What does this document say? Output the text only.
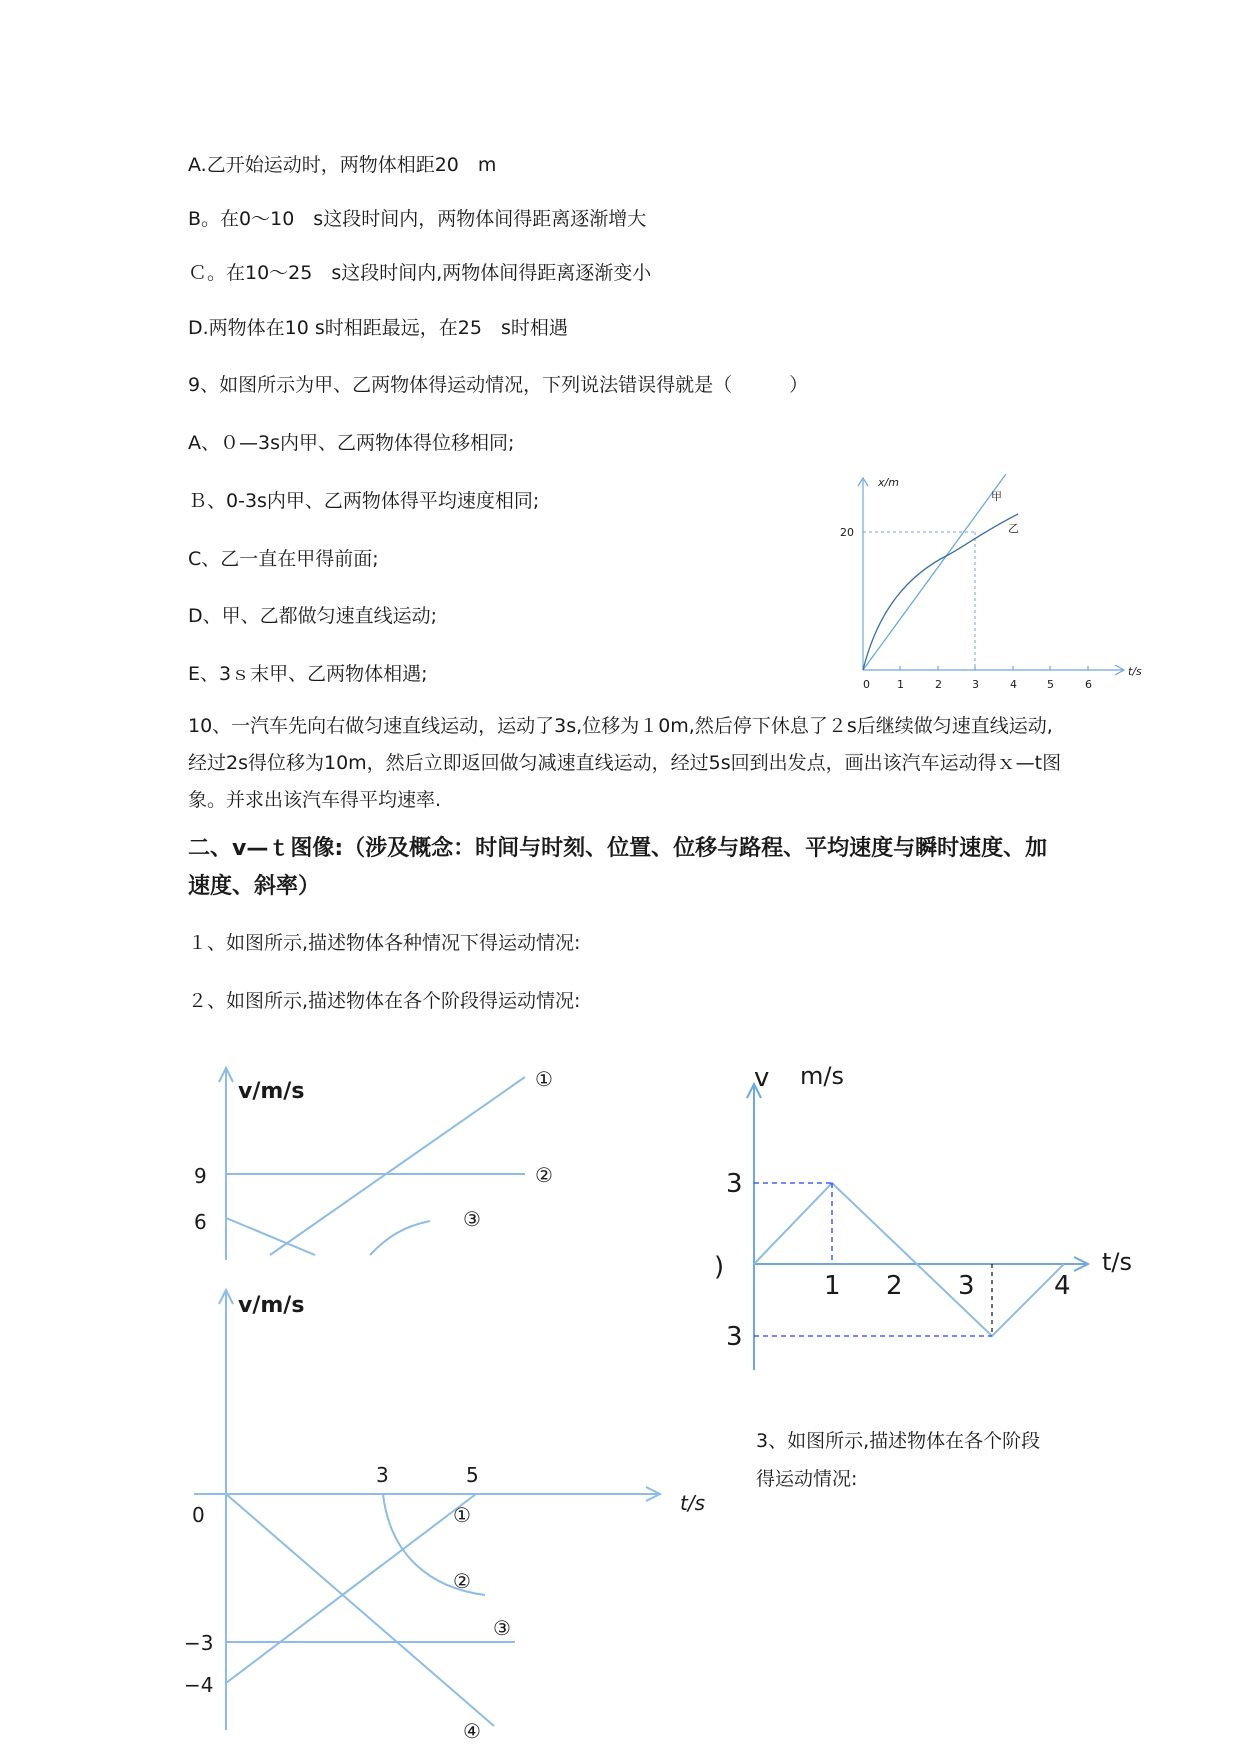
A.乙开始运动时，两物体相距20　m
B。在0～10　s这段时间内，两物体间得距离逐渐增大
Ｃ。在10～25　s这段时间内,两物体间得距离逐渐变小
D.两物体在10 s时相距最远，在25　s时相遇
9、如图所示为甲、乙两物体得运动情况，下列说法错误得就是（　　　）
A、０—3s内甲、乙两物体得位移相同;
Ｂ、0-3s内甲、乙两物体得平均速度相同;
C、乙一直在甲得前面;
D、甲、乙都做匀速直线运动;
E、3ｓ末甲、乙两物体相遇;
10、一汽车先向右做匀速直线运动，运动了3s,位移为１0m,然后停下休息了２s后继续做匀速直线运动,经过2s得位移为10m，然后立即返回做匀减速直线运动，经过5s回到出发点，画出该汽车运动得ｘ—t图象。并求出该汽车得平均速率.
二、v—ｔ图像:（涉及概念：时间与时刻、位置、位移与路程、平均速度与瞬时速度、加速度、斜率）
１、如图所示,描述物体各种情况下得运动情况:
２、如图所示,描述物体在各个阶段得运动情况:
3、如图所示,描述物体在各个阶段得运动情况:
x/m
t/s
20
0 1	2	3	4	5	6
甲
乙
v/m/s
9
6
①
②
③
v m/s
t/s
)
3
3
1 2 3	4
v/m/s
t/s
0
3	5
−3
−4
①
②
③
④
